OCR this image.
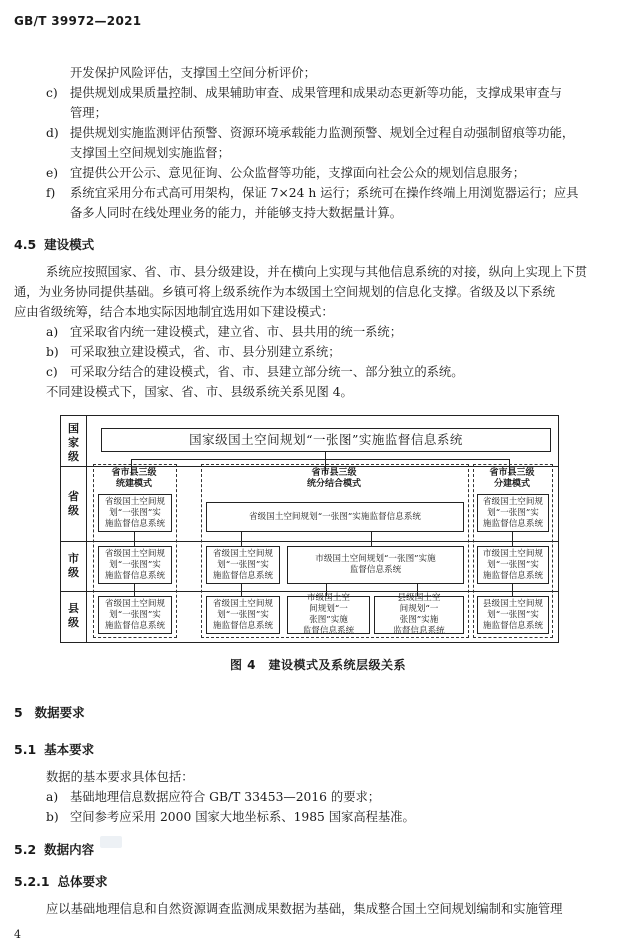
GB/T 39972—2021
开发保护风险评估，支撑国土空间分析评价；
c) 提供规划成果质量控制、成果辅助审查、成果管理和成果动态更新等功能，支撑成果审查与
管理；
d) 提供规划实施监测评估预警、资源环境承载能力监测预警、规划全过程自动强制留痕等功能，
支撑国土空间规划实施监督；
e) 宜提供公开公示、意见征询、公众监督等功能，支撑面向社会公众的规划信息服务；
f) 系统宜采用分布式高可用架构，保证 7×24 h 运行；系统可在操作终端上用浏览器运行；应具
备多人同时在线处理业务的能力，并能够支持大数据量计算。
4.5 建设模式
系统应按照国家、省、市、县分级建设，并在横向上实现与其他信息系统的对接，纵向上实现上下贯
通，为业务协同提供基础。乡镇可将上级系统作为本级国土空间规划的信息化支撑。省级及以下系统
应由省级统筹，结合本地实际因地制宜选用如下建设模式：
a) 宜采取省内统一建设模式，建立省、市、县共用的统一系统；
b) 可采取独立建设模式，省、市、县分别建立系统；
c) 可采取分结合的建设模式，省、市、县建立部分统一、部分独立的系统。
不同建设模式下，国家、省、市、县级系统关系见图 4。
国
家
级
省
级
市
级
县
级
国家级国土空间规划“一张图”实施监督信息系统
省市县三级
统建模式
省级国土空间规
划“一张图”实
施监督信息系统
省级国土空间规
划“一张图”实
施监督信息系统
省级国土空间规
划“一张图”实
施监督信息系统
省市县三级
统分结合模式
省级国土空间规划“一张图”实施监督信息系统
省级国土空间规
划“一张图”实
施监督信息系统
市级国土空间规划“一张图”实施
监督信息系统
省级国土空间规
划“一张图”实
施监督信息系统
市级国土空
间规划“一
张图”实施
监督信息系统
县级国土空
间规划“一
张图”实施
监督信息系统
省市县三级
分建模式
省级国土空间规
划“一张图”实
施监督信息系统
市级国土空间规
划“一张图”实
施监督信息系统
县级国土空间规
划“一张图”实
施监督信息系统
图 4　建设模式及系统层级关系
5 数据要求
5.1 基本要求
数据的基本要求具体包括：
a) 基础地理信息数据应符合 GB/T 33453—2016 的要求；
b) 空间参考应采用 2000 国家大地坐标系、1985 国家高程基准。
5.2 数据内容
5.2.1 总体要求
应以基础地理信息和自然资源调查监测成果数据为基础，集成整合国土空间规划编制和实施管理
4
